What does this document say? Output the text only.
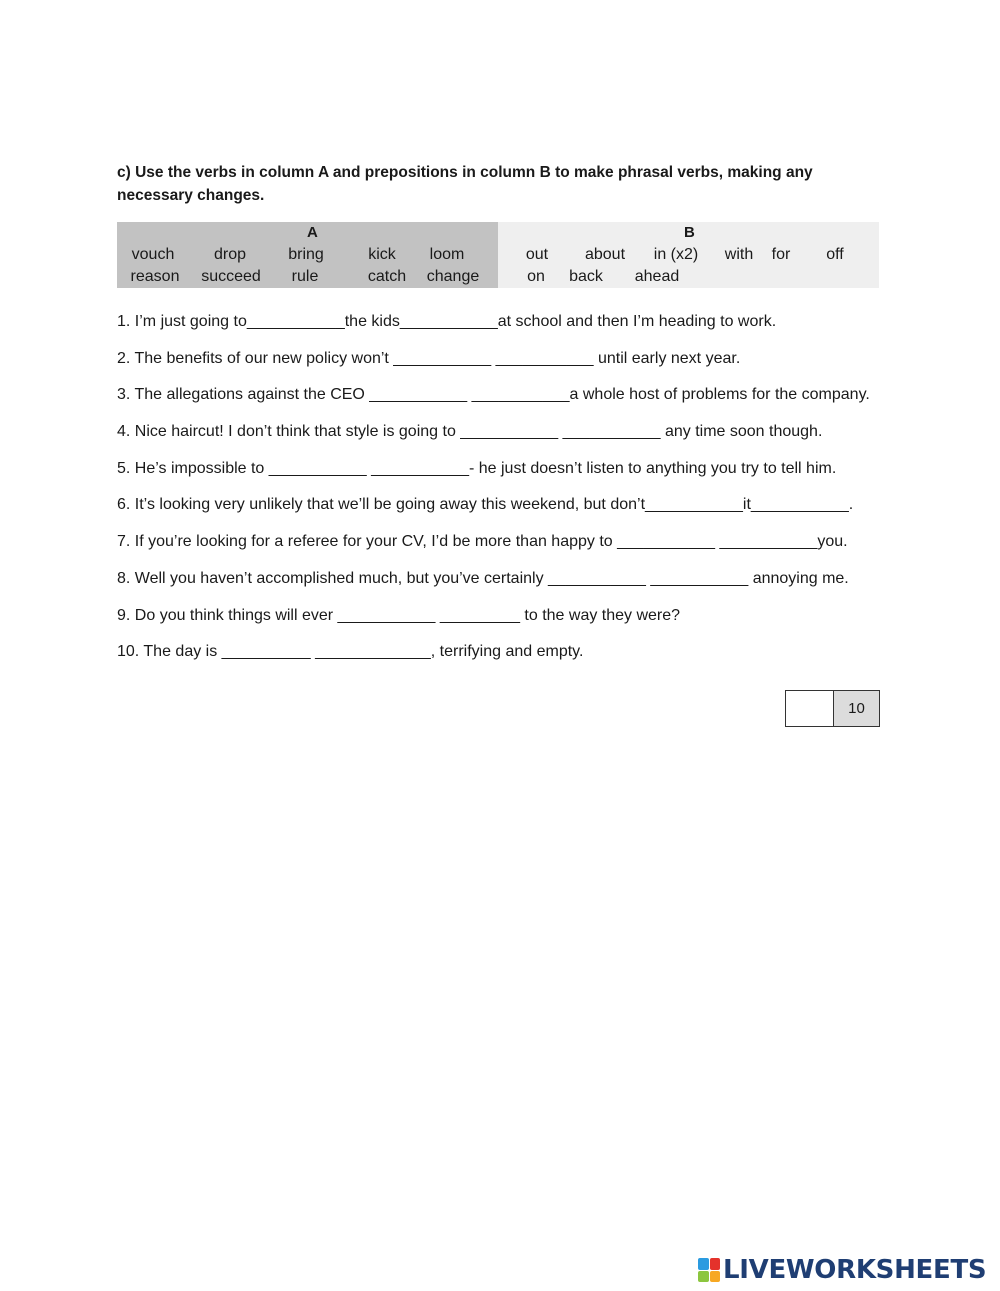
c) Use the verbs in column A and prepositions in column B to make phrasal verbs, making any necessary changes.
A
vouch drop	bring	kick loom
reason succeed rule	catch change
B
out about in (x2) with for off
on back ahead
1. I’m just going to___________the kids___________at school and then I’m heading to work.
2. The benefits of our new policy won’t ___________ ___________ until early next year.
3. The allegations against the CEO ___________ ___________a whole host of problems for the company.
4. Nice haircut! I don’t think that style is going to ___________ ___________ any time soon though.
5. He’s impossible to ___________ ___________- he just doesn’t listen to anything you try to tell him.
6. It’s looking very unlikely that we’ll be going away this weekend, but don’t___________it___________.
7. If you’re looking for a referee for your CV, I’d be more than happy to ___________ ___________you.
8. Well you haven’t accomplished much, but you’ve certainly ___________ ___________ annoying me.
9. Do you think things will ever ___________ _________ to the way they were?
10. The day is __________ _____________, terrifying and empty.
10
LIVEWORKSHEETS
